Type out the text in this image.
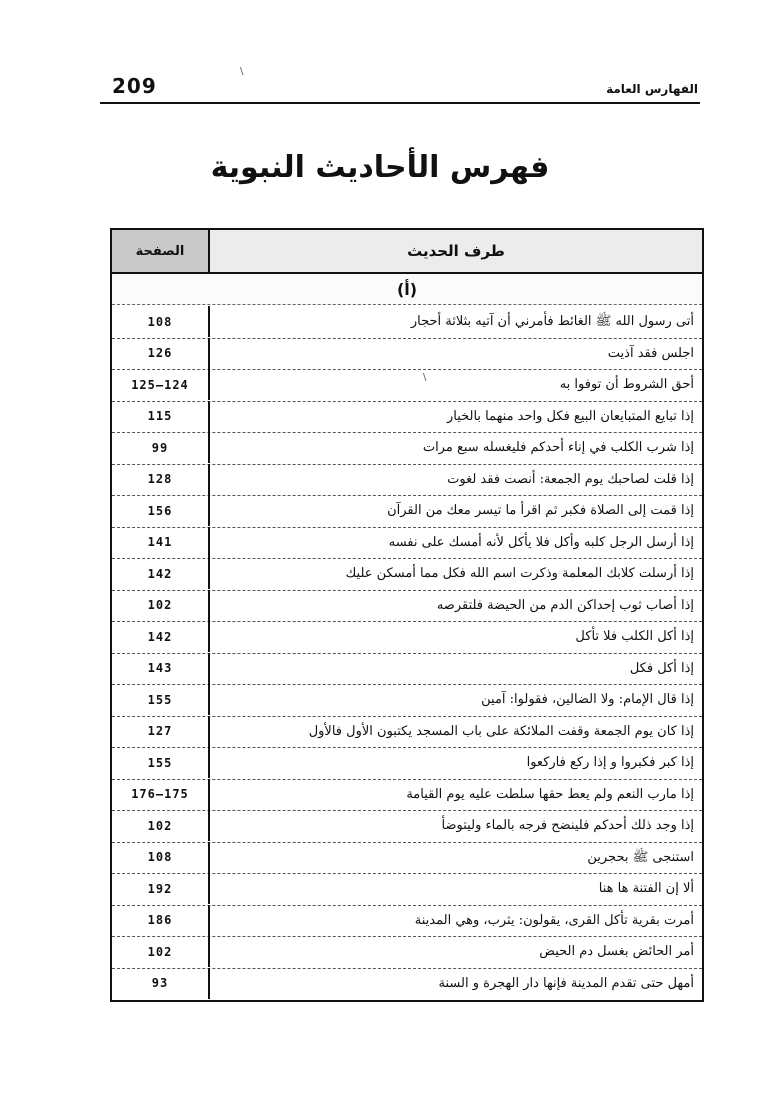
209	الفهارس العامة
فهرس الأحاديث النبوية
الصفحة	طرف الحديث
(أ)
108	أتى رسول الله ﷺ الغائط فأمرني أن آتيه بثلاثة أحجار
126	اجلس فقد آذيت
125–124	أحق الشروط أن توفوا به
115	إذا تبايع المتبايعان البيع فكل واحد منهما بالخيار
99	إذا شرب الكلب في إناء أحدكم فليغسله سبع مرات
128	إذا قلت لصاحبك يوم الجمعة: أنصت فقد لغوت
156	إذا قمت إلى الصلاة فكبر ثم اقرأ ما تيسر معك من القرآن
141	إذا أرسل الرجل كلبه وأكل فلا يأكل لأنه أمسك على نفسه
142	إذا أرسلت كلابك المعلمة وذكرت اسم الله فكل مما أمسكن عليك
102	إذا أصاب ثوب إحداكن الدم من الحيضة فلتقرصه
142	إذا أكل الكلب فلا تأكل
143	إذا أكل فكل
155	إذا قال الإمام: ولا الضالين، فقولوا: آمين
127	إذا كان يوم الجمعة وقفت الملائكة على باب المسجد يكتبون الأول فالأول
155	إذا كبر فكبروا و إذا ركع فاركعوا
176–175	إذا مارب النعم ولم يعط حقها سلطت عليه يوم القيامة
102	إذا وجد ذلك أحدكم فلينضح فرجه بالماء وليتوضأ
108	استنجى ﷺ بحجرين
192	ألا إن الفتنة ها هنا
186	أمرت بقرية تأكل القرى، يقولون: يثرب، وهي المدينة
102	أمر الحائض بغسل دم الحيض
93	أمهل حتى تقدم المدينة فإنها دار الهجرة و السنة
\
\
